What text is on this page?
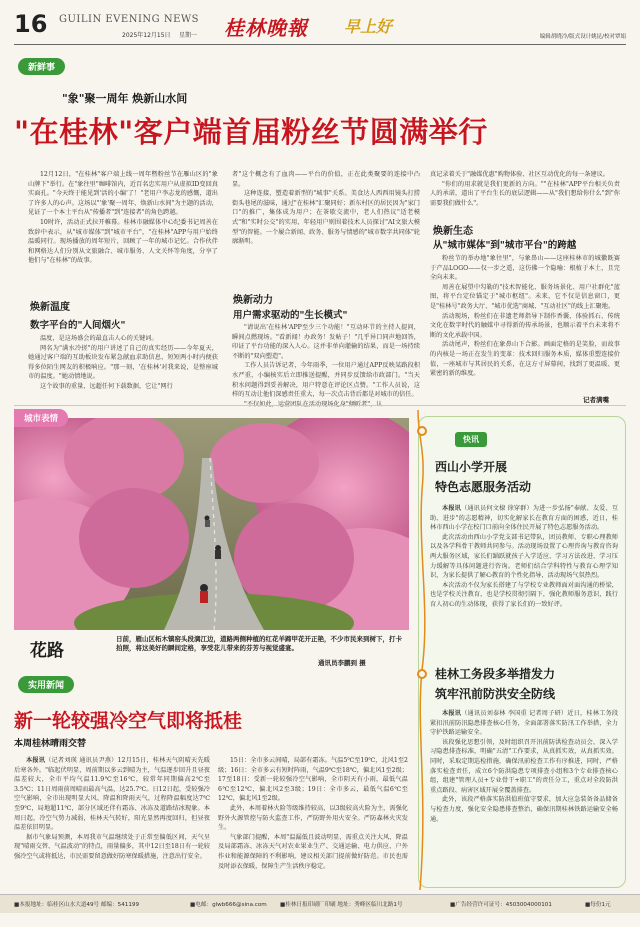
16 GUILIN EVENING NEWS
2025年12月15日 星期一 桂林晚報 早上好
编辑胡晓冷/版式设计姚昆/校对覃娟
新鲜事
"象"聚一周年 焕新山水间
"在桂林"客户端首届粉丝节圆满举行

12月12日，"在桂林"客户端上线一周年暨粉丝节在雁山区的"象山牌下"举行。在"象往里"咖啡馆内，近百名忠实用户从虚拟ID变回真实面孔。"今天终于能见到'活的小编'了！"老用户李志龙的感慨，道出了许多人的心声。这场以"'象'聚一周年，焕新山水间"为主题的活动，见证了一个本土平台从"传播者"到"连接者"的角色跨越。

10时许，活动正式拉开帷幕。桂林市融媒体中心纪委书记周善在致辞中表示，从"城市媒体"到"城市平台"，"在桂林"APP与用户始终温暖同行。现场播放的周年短片，回顾了一年的城市记忆。合作伙伴和网格达人们分别从文旅融合、城市服务、人文关怀等角度，分享了他们与"在桂林"的故事。

焕新温度
数字平台的"人间烟火"

温度，是这场盛会的最直击人心的关键词。

网名为"满水冷搓"的用户讲述了自己的真实经历——今年夏天，她通过客户端的互助板块发布紧急献血求助信息，短短两小时内便获得多位陌生网友的积极响应。"那一刻，'在桂林'对我来说，是整座城市的温度。"她动情地说。

这个故事的重量，远超任何下载数据，它让"网行

者"这个概念有了血肉——平台的价值，正在此类聚要的连接中凸显。

这种连接，塑造着新型的"城事"关系。美食达人西西用镜头打捞街头巷尾的滋味，通过"在桂林"汇聚同好；新东村区的居民因为"家门口"的推广，集体成为用户；在茶歇交流中，老人们热议"适老模式"和"实时公交"的实用，年轻用户则围着技术人员探讨"AI文旅大模型"的智能。一个履合新闻、政务、服务与情感的"城市数字共同体"轮廓渐明。

焕新动力
用户需求驱动的"生长模式"

"请说出'在桂林'APP至少三个功能！"互动环节的主持人提问，瞬间点燃现场。"看新闻！办政务！发帖子！"几乎异口同声地回答，印证了平台功能的深入人心。这并非单向灌输的结果，而是一场持续不断的"双向塑造"。

工作人员告诉记者，今年雨季，一位用户通过APP反映某路段积水严重，小编核实后立即推送提醒，并同步反馈给市政部门。"当天积水问题得到妥善解决，用户特意在评论区点赞。"工作人员说，这样的互动让他们深感责任重大，每一次点击背后都是对城市的信任。

真记录着关于"融媒优惠"购物体验、社区互动优化的每一条建议。

"你们的用求就是我们更新的方向。""在桂林"APP平台相关负责人的承诺，道出了平台生长的底层逻辑——从"我们想给你什么"到"你需要我们做什么"。

焕新生态
从"城市媒体"到"城市平台"的跨越

粉丝节的举办地"象往里"，与象鼻山——这座桂林市的城徽既赛于产品LOGO——仅一步之遥，这仿佛一个隐喻：根植于本土，且完全向未来。

周善在展望中勾勒的"技术智能化、服务场景化、用户社群化"蓝图，将平台定位锚定于"城市枢纽"。未来，它不仅是信息窗口，更是"桂林号"政务大厅、"城市优选"商城、"互动社区"的线上汇聚地。

活动现场，粉丝们在非遗老师指导下制作香囊、体验抓石、传统文化在数字时代的触媒中寻得新的传承场景，也顺示着平台未来将不断的文化承载中国。

活动尾声，粉丝们在象鼻山下合影。画面定格的是笑脸，而故事的内核是一场正在发生的变革：技术回归服务本质，媒体重塑连接价值，一座城市与其居民的关系，在这方寸屏幕间，找到了更温暖、更紧密的新的维度。

记者满嘴
城市表情
花路
日前，雁山区柘木镇窑头段漓江边，道路两侧种植的红花羊蹄甲花开正艳，不少市民来到树下，打卡拍照，将这美好的瞬间定格，享受花儿带来的芬芳与视觉盛宴。
通讯员李鹏到 摄
快讯
西山小学开展
特色志愿服务活动

本报讯（通讯员何文棣 徐穿群）为进一步弘扬"奉献、友爱、互助、进步"的志愿精神，切实化解家长在教育方面的困惑，近日，桂林市西山小学在校门口前向全体住民开展了特色志愿服务活动。

此次活动由西山小学党支部书记带队，团员教师、专职心理教师以及各学科骨干教师共同参与。活动现场设置了心理咨询与教育咨询两大服务区域，家长们踊跃就孩子入学适应、学习方法改进、学习压力缓解等具体问题进行咨询。老师们结合学科特性与教育心理学知识，为家长提供了解心教育的个性化指导，活动现场气氛热烈。

本次活动不仅为家长搭建了与学校专业教师面对面沟通的桥梁，也是学校关注教育，也是学校贯彻引隔下，强化教师服务意识，践行育人初心的生动体现，获得了家长们的一致好评。

桂林工务段多举措发力
筑牢汛前防洪安全防线

本报讯（通讯员刘泰林 李国重 记者周子研）近日，桂林工务段紧扣汛前防汛隐患排查核心任务，全面部署落实防汛工作举措，全力守护铁路运输安全。

该段强化思想引领，及时组织召开汛前防洪检查动员会，深入学习隐患排查标准，明确"五清"工作要求，从真抓实效，从真抓实效。同时，采取定期巡检措施，确保汛前检查工作有序推进，同时，严格落实检查责任，成立6个防洪隐患专项排查小组和3个专业排查核心组，组建"管理人员+专业骨干+职工"的责任分工，重点对全段防洪重点路段、病害区域开展全覆盖排查。

此外，该段严格落实防洪值班值守要求，加大应急装备备品储备与检查力度，强化安全隐患排查整治，确保汛期桂林铁路运输安全畅通。

实用新闻
新一轮较强冷空气即将抵桂
本周桂林晴雨交替

本报讯（记者刘瑛 通讯员尹燕）12月15日，桂林天气阴晴天先暖后寒各外。"临起伏明显，周前期以多云到晴为主，气温逐步回升且昼夜温差较大，全市平均气温11.9℃至16℃，较常年同期偏高2℃至3.5℃；11日周雨前周晴而最高气温，达25.7℃。日12日起，受较强冷空气影响，全市出现明显大风、降温和降雨天气，过程降温幅度达7℃至9℃，局地超11℃，部分区域还伴有霜冻、冰冻及道路结冰现象。本周日起，冷空气势力减弱，桂林天气转好，阳光显然再度回归，但昼夜温差依旧明显。

据市气象局预测，本周我市气温继续处于正常至偏低区间，天气呈现"晴雨交替、气温波动"的特点，雨量偏多，其中12日至18日有一轮较强冷空气或将抵达，市民需要留意做好防寒保暖措施，注意出行安全。

15日：全市多云间晴，局部有霜冻。气温5℃至19℃，北风1至2级；16日：全市多云有短时阵雨，气温9℃至18℃，偏北风1至2级；17至18日：受新一轮较强冷空气影响，全市阴天有小雨，最低气温6℃至12℃，偏北风2至3级；19日：全市多云，最低气温6℃至12℃，偏北风1至2级。

此外，本周着林火险等级维持较高，以3级较高火险为主，需强化野外火源管控与防火监查工作，严防野外用火安全。严防森林火灾发生。

气象部门提醒，本周"温漏低且波动明显，需重点关注大风、降温及局部霜冻、冰冻天气对农业果业生产、交通运输、电力供应、户外作业和能源保障的不利影响，建议相关部门提前做好防范。市民也需及时添衣保暖，保障生产生活秩序稳定。

■本报地址：临桂区山水大道49号 邮编：541199	■电邮：glwb666@sina.com ■桂林日报印刷厂印刷 地址：秀峰区临川北路1号	■广告经营许可证号：4503004000101	■每份1元
